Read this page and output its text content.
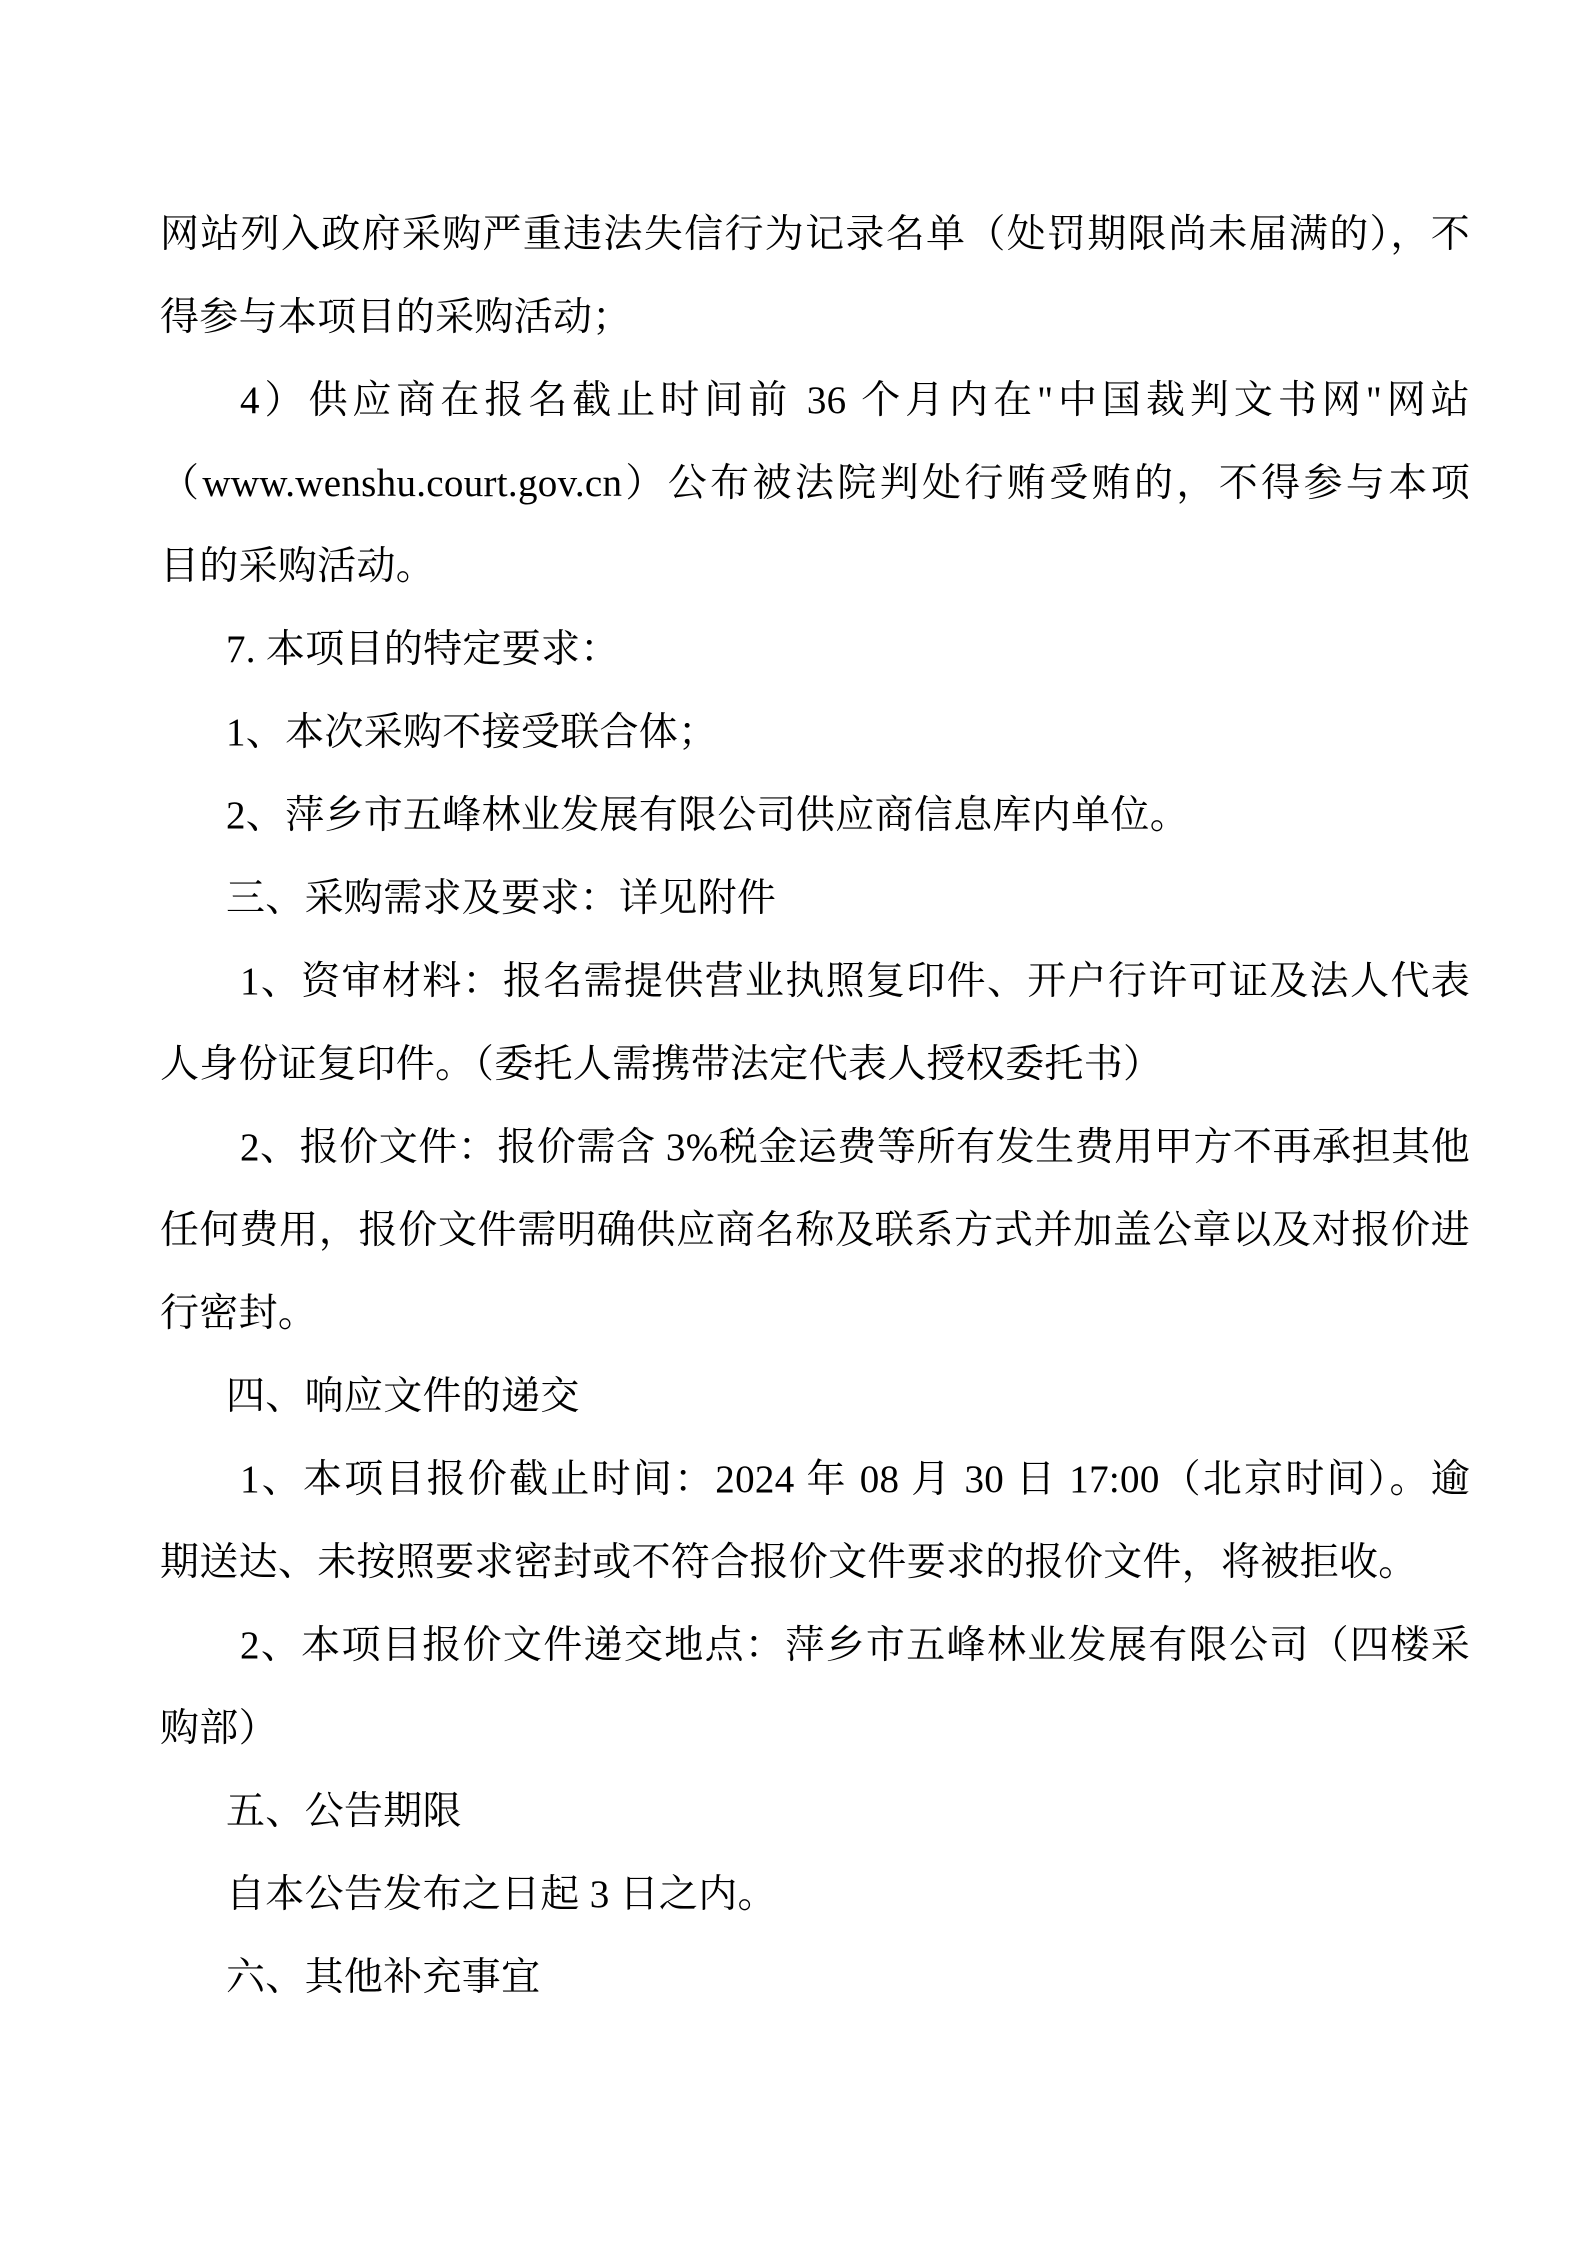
网站列入政府采购严重违法失信行为记录名单（处罚期限尚未届满的），不
得参与本项目的采购活动；
4）供应商在报名截止时间前 36 个月内在"中国裁判文书网"网站
（www.wenshu.court.gov.cn）公布被法院判处行贿受贿的，不得参与本项
目的采购活动。
7. 本项目的特定要求：
1、本次采购不接受联合体；
2、萍乡市五峰林业发展有限公司供应商信息库内单位。
三、采购需求及要求：详见附件
1、资审材料：报名需提供营业执照复印件、开户行许可证及法人代表
人身份证复印件。（委托人需携带法定代表人授权委托书）
2、报价文件：报价需含 3%税金运费等所有发生费用甲方不再承担其他
任何费用，报价文件需明确供应商名称及联系方式并加盖公章以及对报价进
行密封。
四、响应文件的递交
1、本项目报价截止时间：2024 年 08 月 30 日 17:00（北京时间）。逾
期送达、未按照要求密封或不符合报价文件要求的报价文件，将被拒收。
2、本项目报价文件递交地点：萍乡市五峰林业发展有限公司（四楼采
购部）
五、公告期限
自本公告发布之日起 3 日之内。
六、其他补充事宜
